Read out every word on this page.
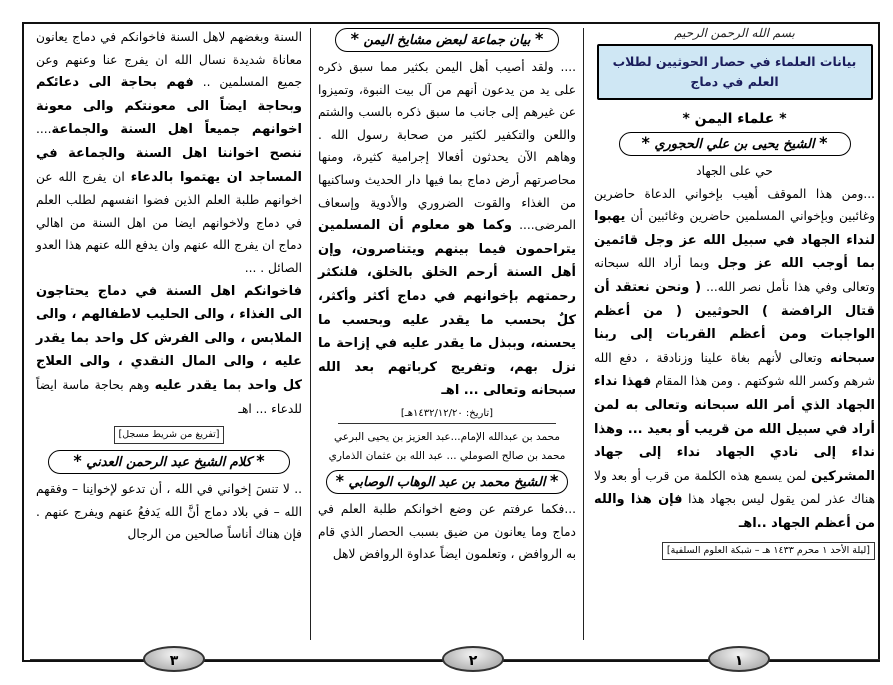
بسم الله الرحمن الرحيم
بيانات العلماء في حصار الحوثيين لطلاب العلم في دماج
* علماء اليمن *
* الشيخ يحيى بن علي الحجوري *

حي على الجهاد

...ومن هذا الموقف أهيب بإخواني الدعاة حاضرين وغائبين وبإخواني المسلمين حاضرين وغائبين أن يهبوا لنداء الجهاد في سبيل الله عز وجل قائمين بما أوجب الله عز وجل وبما أراد الله سبحانه وتعالى وفي هذا نأمل نصر الله... ( ونحن نعتقد أن قتال الرافضة ) الحوثيين ( من أعظم الواجبات ومن أعظم القربات إلى ربنا سبحانه وتعالى لأنهم بغاة علينا وزنادقة ، دفع الله شرهم وكسر الله شوكتهم . ومن هذا المقام فهذا نداء الجهاد الذي أمر الله سبحانه وتعالى به لمن أراد في سبيل الله من قريب أو بعيد ... وهذا نداء إلى نادي الجهاد نداء إلى جهاد المشركين لمن يسمع هذه الكلمة من قرب أو بعد ولا هناك عذر لمن يقول ليس بجهاد هذا فإن هذا والله من أعظم الجهاد ..اهـ

[ليلة الأحد ١ محرم ١٤٣٣ هـ – شبكة العلوم السلفية]
* بيان جماعة لبعض مشايخ اليمن *

.... ولقد أصيب أهل اليمن بكثير مما سبق ذكره على يد من يدعون أنهم من آل بيت النبوة، وتميزوا عن غيرهم إلى جانب ما سبق ذكره بالسب والشتم واللعن والتكفير لكثير من صحابة رسول الله . وهاهم الآن يحدثون أفعالا إجرامية كثيرة، ومنها محاصرتهم أرض دماج بما فيها دار الحديث وساكنيها من الغذاء والقوت الضروري والأدوية وإسعاف المرضى.... وكما هو معلوم أن المسلمين يتراحمون فيما بينهم ويتناصرون، وإن أهل السنة أرحم الخلق بالخلق، فلنكثر رحمتهم بإخوانهم في دماج أكثر وأكثر، كلٌ بحسب ما يقدر عليه وبحسب ما يحسنه، وببذل ما يقدر عليه في إزاحة ما نزل بهم، وتفريج كرباتهم بعد الله سبحانه وتعالى ... اهـ

[تاريخ: ١٤٣٢/١٢/٢٠هـ]
محمد بن عبدالله الإمام...عبد العزيز بن يحيى البرعي
محمد بن صالح الصوملي ... عبد الله بن عثمان الذماري
* الشيخ محمد بن عبد الوهاب الوصابي *

...فكما عرفتم عن وضع اخوانكم طلبة العلم في دماج وما يعانون من ضيق بسبب الحصار الذي قام به الروافض ، وتعلمون ايضاً عداوة الروافض لاهل

السنة وبغضهم لاهل السنة فاخوانكم في دماج يعانون معاناة شديدة نسال الله ان يفرج عنا وعنهم وعن جميع المسلمين .. فهم بحاجة الى دعائكم وبحاجة ايضاً الى معونتكم والى معونة اخوانهم جميعاً اهل السنة والجماعة.... ننصح اخواننا اهل السنة والجماعة في المساجد ان يهتموا بالدعاء ان يفرج الله عن اخوانهم طلبة العلم الذين فضوا انفسهم لطلب العلم في دماج ولاخوانهم ايضا من اهل السنة من اهالي دماج ان يفرج الله عنهم وان يدفع الله عنهم هذا العدو الصائل . ...

فاخوانكم اهل السنة في دماج يحتاجون الى الغذاء ، والى الحليب لاطفالهم ، والى الملابس ، والى الفرش كل واحد بما يقدر عليه ، والى المال النقدي ، والى العلاج كل واحد بما يقدر عليه وهم بحاجة ماسة ايضاً للدعاء ... اهـ

[تفريغ من شريط مسجل]
* كلام الشيخ عبد الرحمن العدني *

.. لا تنسَ إخواني في الله ، أن تدعو لإخوانِنا – وفقهم الله – في بلاد دماج أنَّ الله يَدفعُ عنهم ويفرج عنهم . فإن هناك أناساً صالحين من الرجال

١
٢
٣
